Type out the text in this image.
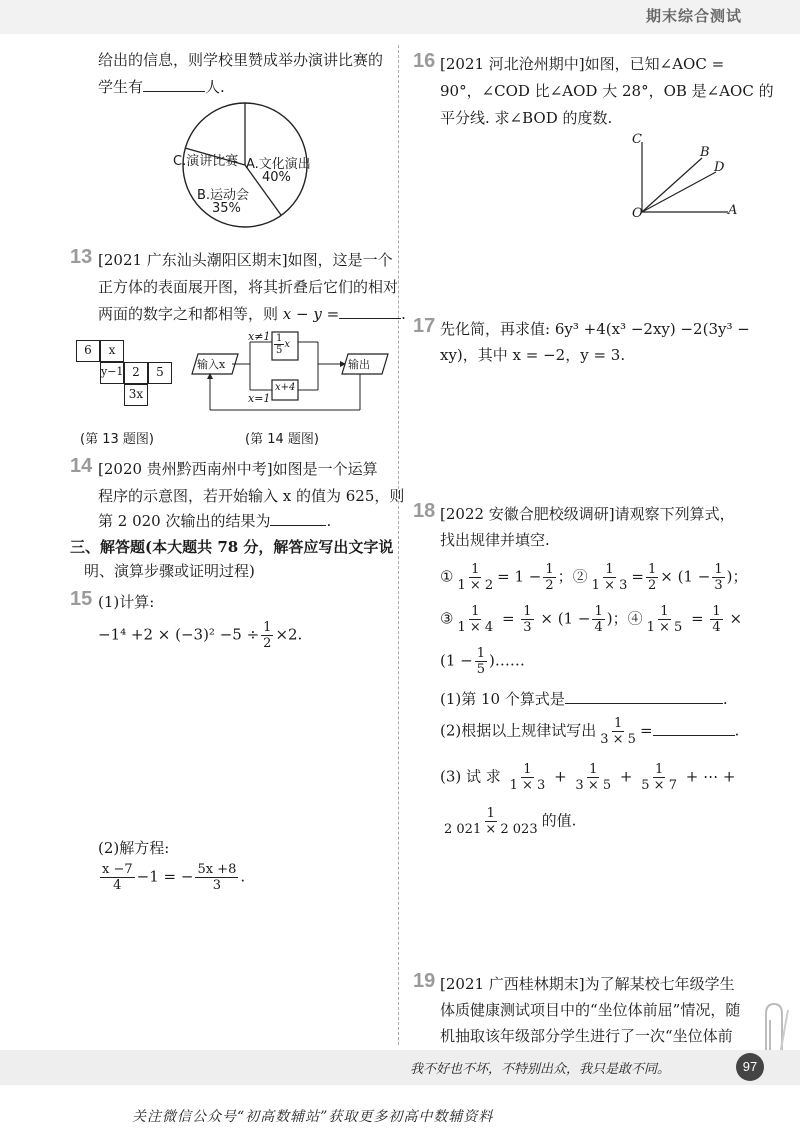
期末综合测试
给出的信息，则学校里赞成举办演讲比赛的
学生有	人.
C.演讲比赛 A.文化演出
40%
B.运动会
35%
13 [2021 广东汕头潮阳区期末]如图，这是一个
正方体的表面展开图，将其折叠后它们的相对
两面的数字之和都相等，则 x − y =	.
6	x
y−1 2	5
3x
输入x	输出
x≠1
x=1
$\frac{1}{5}$ x
x+4
(第 13 题图)	(第 14 题图)
14 [2020 贵州黔西南州中考]如图是一个运算
程序的示意图，若开始输入 x 的值为 625，则
第 2 020 次输出的结果为	.
三、解答题(本大题共 78 分，解答应写出文字说
明、演算步骤或证明过程)
15 (1)计算:
$-1^4 +2 \times (-3)^2 -5 \div \frac{1}{2} \times 2$.
(2)解方程:
$\frac{x -7}{4} -1$ = − $\frac{5x +8}{3}$ .
16 [2021 河北沧州期中]如图，已知∠AOC =
90°，∠COD 比∠AOD 大 28°，OB 是∠AOC 的
平分线. 求∠BOD 的度数.
C
B
D
O	A
17 先化简，再求值: 6y³ +4(x³ −2xy) −2(3y³ −
xy)，其中 x = −2，y = 3.
18 [2022 安徽合肥校级调研]请观察下列算式，
找出规律并填空.
① $\frac{1}{1 \times 2} = 1 - \frac{1}{2}$ ；② $\frac{1}{1 \times 3} = \frac{1}{2} \times (1 - \frac{1}{3}$ )；
③ $\frac{1}{1 \times 4} = \frac{1}{3} \times (1 - \frac{1}{4}$ )；④ $\frac{1}{1 \times 5} = \frac{1}{4}$ ×
($1 - \frac{1}{5}$ )……
(1)第 10 个算式是	.
(2)根据以上规律试写出 $\frac{1}{3 \times 5}$ =	.
(3) 试 求 $\frac{1}{1 \times 3} + \frac{1}{3 \times 5} + \frac{1}{5 \times 7}$ + ⋯ +
$\frac{1}{2 021 \times 2 023}$ 的值.
19 [2021 广西桂林期末]为了解某校七年级学生
体质健康测试项目中的“坐位体前屈”情况，随
机抽取该年级部分学生进行了一次“坐位体前
我不好也不坏，不特别出众，我只是敢不同。	97
关注微信公众号“初高数辅站”获取更多初高中数辅资料
